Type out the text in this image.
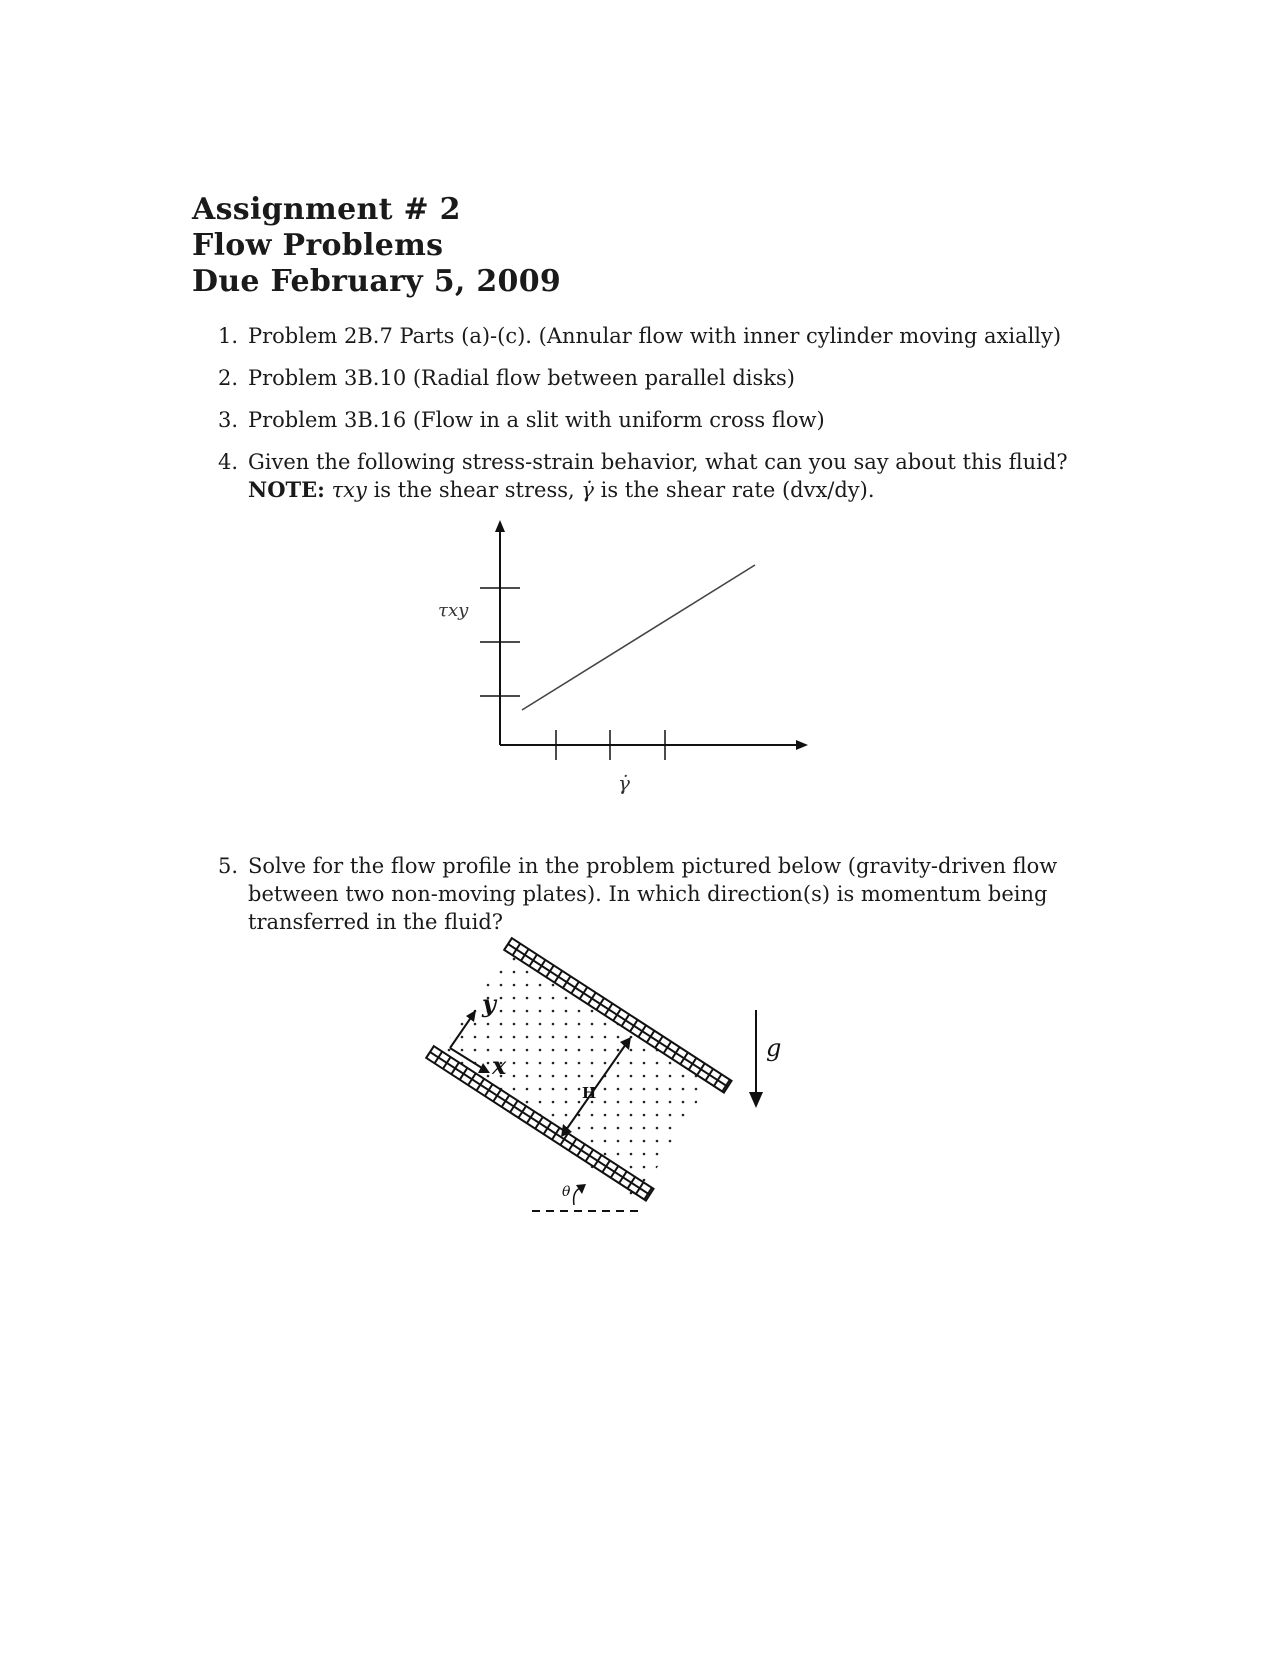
Assignment # 2
Flow Problems
Due February 5, 2009
1. Problem 2B.7 Parts (a)-(c). (Annular flow with inner cylinder moving axially)
2. Problem 3B.10 (Radial flow between parallel disks)
3. Problem 3B.16 (Flow in a slit with uniform cross flow)
4. Given the following stress-strain behavior, what can you say about this fluid?
NOTE: τxy is the shear stress, γ̇ is the shear rate (dvx/dy).
τxy
γ̇
5. Solve for the flow profile in the problem pictured below (gravity-driven flow between two non-moving plates). In which direction(s) is momentum being transferred in the fluid?
y
x
H
θ
g
